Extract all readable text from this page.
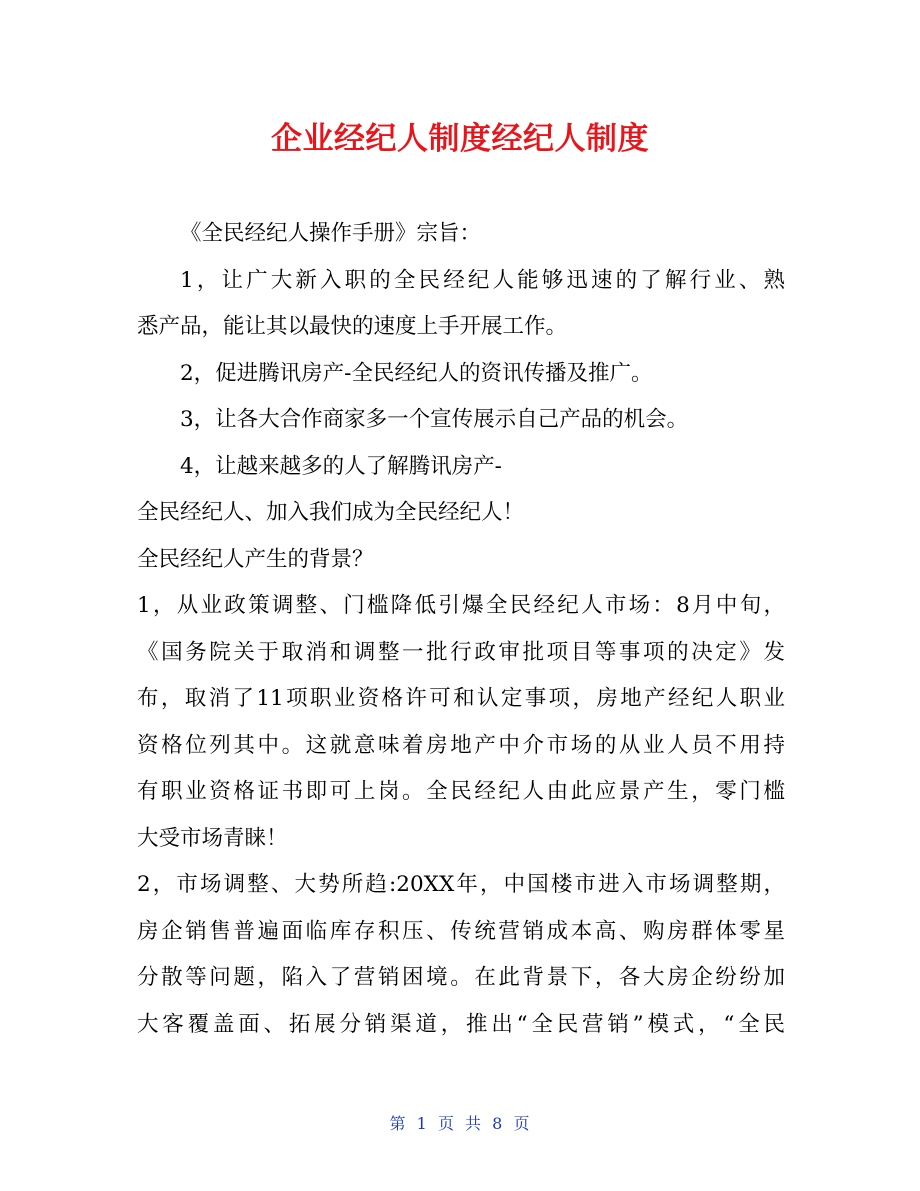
企业经纪人制度经纪人制度
《全民经纪人操作手册》宗旨：
1，让广大新入职的全民经纪人能够迅速的了解行业、熟
悉产品，能让其以最快的速度上手开展工作。
2，促进腾讯房产-全民经纪人的资讯传播及推广。
3，让各大合作商家多一个宣传展示自己产品的机会。
4，让越来越多的人了解腾讯房产-
全民经纪人、加入我们成为全民经纪人！
全民经纪人产生的背景？
1，从业政策调整、门槛降低引爆全民经纪人市场：8月中旬，
《国务院关于取消和调整一批行政审批项目等事项的决定》发
布，取消了11项职业资格许可和认定事项，房地产经纪人职业
资格位列其中。这就意味着房地产中介市场的从业人员不用持
有职业资格证书即可上岗。全民经纪人由此应景产生，零门槛
大受市场青睐！
2，市场调整、大势所趋:20XX年，中国楼市进入市场调整期，
房企销售普遍面临库存积压、传统营销成本高、购房群体零星
分散等问题，陷入了营销困境。在此背景下，各大房企纷纷加
大客覆盖面、拓展分销渠道，推出“全民营销”模式，“全民
第 1 页 共 8 页
